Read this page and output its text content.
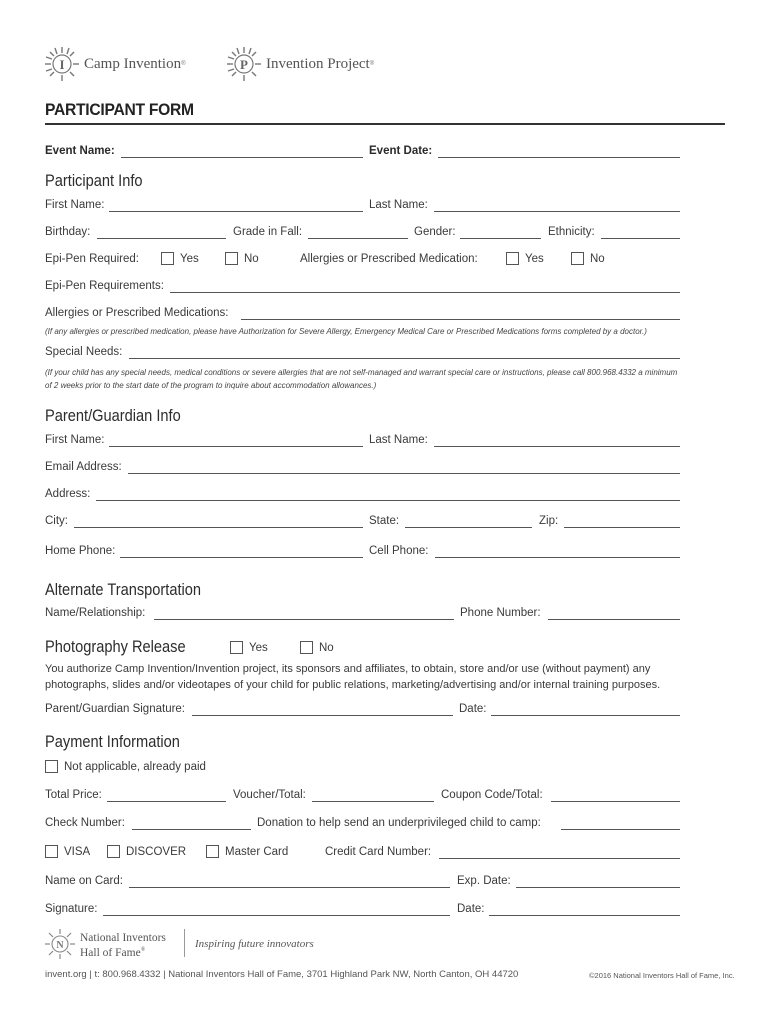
I Camp Invention ®	P Invention Project ®
PARTICIPANT FORM
Event Name:	Event Date:
Participant Info
First Name:	Last Name:
Birthday:	Grade in Fall:	Gender:	Ethnicity:
Epi-Pen Required:	Yes	No	Allergies or Prescribed Medication:	Yes	No
Epi-Pen Requirements:
Allergies or Prescribed Medications:
(If any allergies or prescribed medication, please have Authorization for Severe Allergy, Emergency Medical Care or Prescribed Medications forms completed by a doctor.)
Special Needs:
(If your child has any special needs, medical conditions or severe allergies that are not self-managed and warrant special care or instructions, please call 800.968.4332 a minimum
of 2 weeks prior to the start date of the program to inquire about accommodation allowances.)
Parent/Guardian Info
First Name:	Last Name:
Email Address:
Address:
City:	State:	Zip:
Home Phone:	Cell Phone:
Alternate Transportation
Name/Relationship:	Phone Number:
Photography Release	Yes	No
You authorize Camp Invention/Invention project, its sponsors and affiliates, to obtain, store and/or use (without payment) any
photographs, slides and/or videotapes of your child for public relations, marketing/advertising and/or internal training purposes.
Parent/Guardian Signature:	Date:
Payment Information
Not applicable, already paid
Total Price:	Voucher/Total:	Coupon Code/Total:
Check Number:	Donation to help send an underprivileged child to camp:
VISA	DISCOVER	Master Card	Credit Card Number:
Name on Card:	Exp. Date:
Signature:	Date:
N
National Inventors
Hall of Fame®	Inspiring future innovators
invent.org | t: 800.968.4332 | National Inventors Hall of Fame, 3701 Highland Park NW, North Canton, OH 44720	©2016 National Inventors Hall of Fame, Inc.
